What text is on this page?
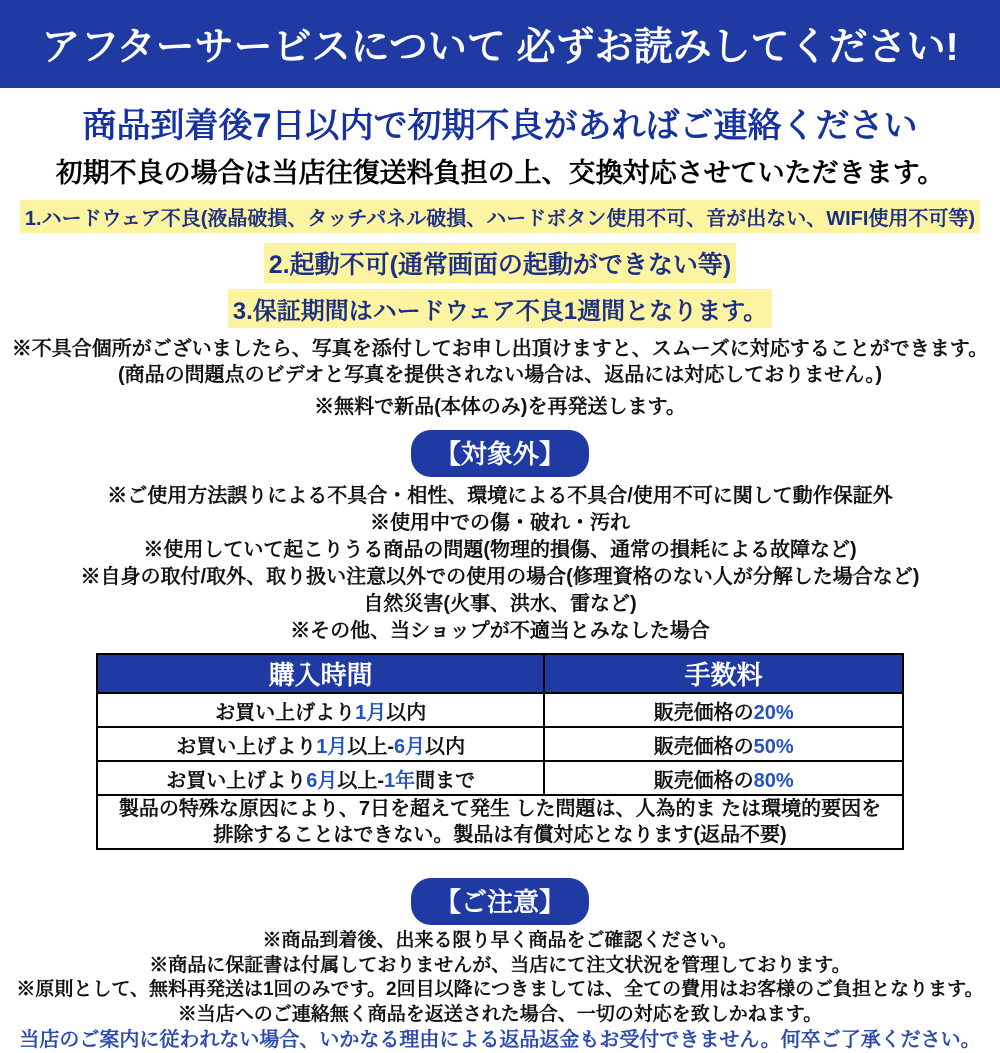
アフターサービスについて 必ずお読みしてください!
商品到着後7日以内で初期不良があればご連絡ください
初期不良の場合は当店往復送料負担の上、交換対応させていただきます。
1.ハードウェア不良(液晶破損、タッチパネル破損、ハードボタン使用不可、音が出ない、WIFI使用不可等)
2.起動不可(通常画面の起動ができない等)
3.保証期間はハードウェア不良1週間となります。
※不具合個所がございましたら、写真を添付してお申し出頂けますと、スムーズに対応することができます。
(商品の問題点のビデオと写真を提供されない場合は、返品には対応しておりません。)
※無料で新品(本体のみ)を再発送します。
【対象外】
※ご使用方法誤りによる不具合・相性、環境による不具合/使用不可に関して動作保証外
※使用中での傷・破れ・汚れ
※使用していて起こりうる商品の問題(物理的損傷、通常の損耗による故障など)
※自身の取付/取外、取り扱い注意以外での使用の場合(修理資格のない人が分解した場合など)
自然災害(火事、洪水、雷など)
※その他、当ショップが不適当とみなした場合
購入時間	手数料
お買い上げより1月以内	販売価格の20%
お買い上げより1月以上-6月以内	販売価格の50%
お買い上げより6月以上-1年間まで	販売価格の80%

製品の特殊な原因により、7日を超えて発生 した問題は、人為的ま たは環境的要因を
排除することはできない。製品は有償対応となります(返品不要)	
【ご注意】
※商品到着後、出来る限り早く商品をご確認ください。
※商品に保証書は付属しておりませんが、当店にて注文状況を管理しております。
※原則として、無料再発送は1回のみです。2回目以降につきましては、全ての費用はお客様のご負担となります。
※当店へのご連絡無く商品を返送された場合、一切の対応を致しかねます。
当店のご案内に従われない場合、いかなる理由による返品返金もお受付できません。何卒ご了承ください。
